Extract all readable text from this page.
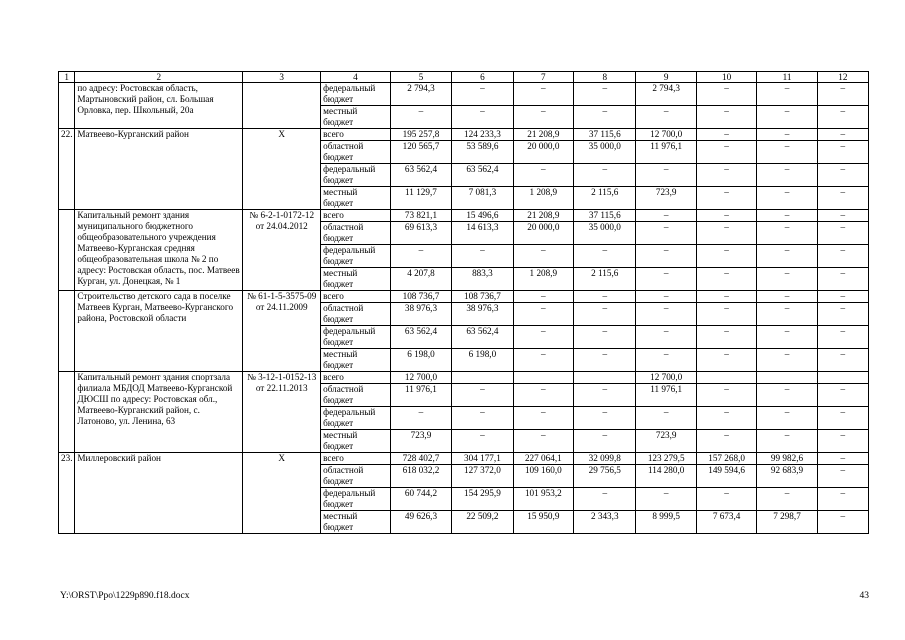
1	2	3	4	5	6	7	8	9	10	11	12
	по адресу: Ростовская область, Мартыновский район, сл. Большая Орловка, пер. Школьный, 20а		федеральный бюджет	2 794,3	–	–	–	2 794,3	–	–	–
			местный бюджет	–	–	–	–	–	–	–	–
22.	Матвеево-Курганский район	X	всего	195 257,8	124 233,3	21 208,9	37 115,6	12 700,0	–	–	–
			областной бюджет	120 565,7	53 589,6	20 000,0	35 000,0	11 976,1	–	–	–
			федеральный бюджет	63 562,4	63 562,4	–	–	–	–	–	–
			местный бюджет	11 129,7	7 081,3	1 208,9	2 115,6	723,9	–	–	–
	Капитальный ремонт здания муниципального бюджетного общеобразовательного учреждения Матвеево-Курганская средняя общеобразовательная школа № 2 по адресу: Ростовская область, пос. Матвеев Курган, ул. Донецкая, № 1	№ 6-2-1-0172-12 от 24.04.2012	всего	73 821,1	15 496,6	21 208,9	37 115,6	–	–	–	–
			областной бюджет	69 613,3	14 613,3	20 000,0	35 000,0	–	–	–	–
			федеральный бюджет	–	–	–	–	–	–	–	–
			местный бюджет	4 207,8	883,3	1 208,9	2 115,6	–	–	–	–
	Строительство детского сада в поселке Матвеев Курган, Матвеево-Курганского района, Ростовской области	№ 61-1-5-3575-09 от 24.11.2009	всего	108 736,7	108 736,7	–	–	–	–	–	–
			областной бюджет	38 976,3	38 976,3	–	–	–	–	–	–
			федеральный бюджет	63 562,4	63 562,4	–	–	–	–	–	–
			местный бюджет	6 198,0	6 198,0	–	–	–	–	–	–
	Капитальный ремонт здания спортзала филиала МБДОД Матвеево-Курганской ДЮСШ по адресу: Ростовская обл., Матвеево-Курганский район, с. Латоново, ул. Ленина, 63	№ 3-12-1-0152-13 от 22.11.2013	всего	12 700,0				12 700,0			
			областной бюджет	11 976,1	–	–	–	11 976,1	–	–	–
			федеральный бюджет	–	–	–	–	–	–	–	–
			местный бюджет	723,9	–	–	–	723,9	–	–	–
23.	Миллеровский район	X	всего	728 402,7	304 177,1	227 064,1	32 099,8	123 279,5	157 268,0	99 982,6	–
			областной бюджет	618 032,2	127 372,0	109 160,0	29 756,5	114 280,0	149 594,6	92 683,9	–
			федеральный бюджет	60 744,2	154 295,9	101 953,2	–	–	–	–	–
			местный бюджет	49 626,3	22 509,2	15 950,9	2 343,3	8 999,5	7 673,4	7 298,7	–
Y:\ORST\Ppo\1229p890.f18.docx	43
